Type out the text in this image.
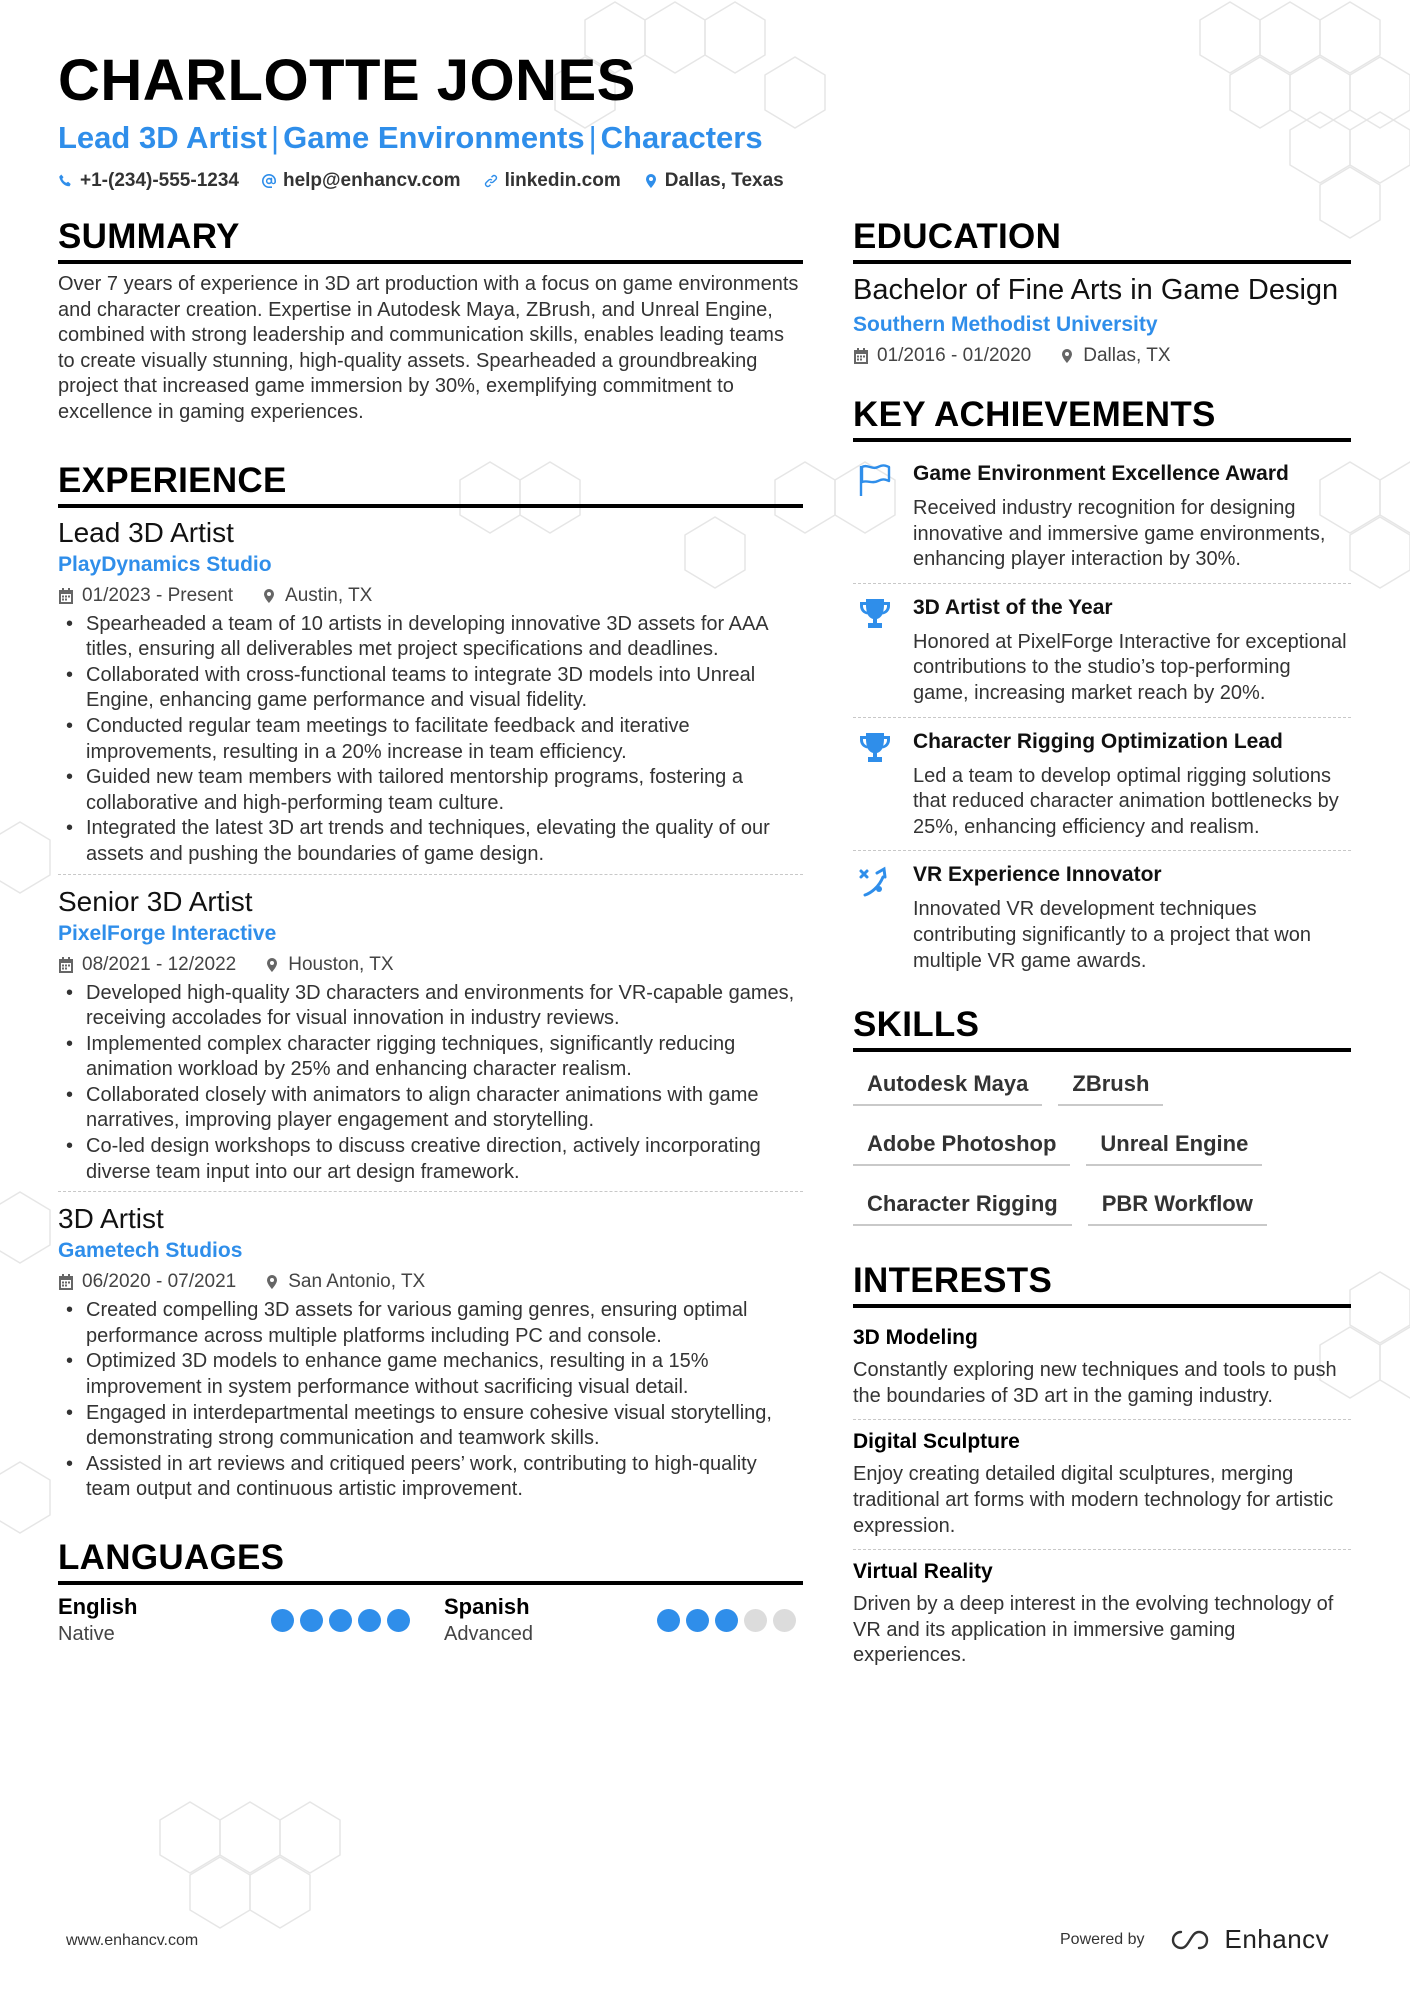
CHARLOTTE JONES
Lead 3D Artist | Game Environments | Characters
+1-(234)-555-1234 help@enhancv.com linkedin.com Dallas, Texas
SUMMARY
Over 7 years of experience in 3D art production with a focus on game environments and character creation. Expertise in Autodesk Maya, ZBrush, and Unreal Engine, combined with strong leadership and communication skills, enables leading teams to create visually stunning, high-quality assets. Spearheaded a groundbreaking project that increased game immersion by 30%, exemplifying commitment to excellence in gaming experiences.
EXPERIENCE
Lead 3D Artist
PlayDynamics Studio
01/2023 - Present	Austin, TX
• Spearheaded a team of 10 artists in developing innovative 3D assets for AAA titles, ensuring all deliverables met project specifications and deadlines.
• Collaborated with cross-functional teams to integrate 3D models into Unreal Engine, enhancing game performance and visual fidelity.
• Conducted regular team meetings to facilitate feedback and iterative improvements, resulting in a 20% increase in team efficiency.
• Guided new team members with tailored mentorship programs, fostering a collaborative and high-performing team culture.
• Integrated the latest 3D art trends and techniques, elevating the quality of our assets and pushing the boundaries of game design.
Senior 3D Artist
PixelForge Interactive
08/2021 - 12/2022	Houston, TX
• Developed high-quality 3D characters and environments for VR-capable games, receiving accolades for visual innovation in industry reviews.
• Implemented complex character rigging techniques, significantly reducing animation workload by 25% and enhancing character realism.
• Collaborated closely with animators to align character animations with game narratives, improving player engagement and storytelling.
• Co-led design workshops to discuss creative direction, actively incorporating diverse team input into our art design framework.
3D Artist
Gametech Studios
06/2020 - 07/2021	San Antonio, TX
• Created compelling 3D assets for various gaming genres, ensuring optimal performance across multiple platforms including PC and console.
• Optimized 3D models to enhance game mechanics, resulting in a 15% improvement in system performance without sacrificing visual detail.
• Engaged in interdepartmental meetings to ensure cohesive visual storytelling, demonstrating strong communication and teamwork skills.
• Assisted in art reviews and critiqued peers’ work, contributing to high-quality team output and continuous artistic improvement.
LANGUAGES
English
Native
Spanish
Advanced
EDUCATION
Bachelor of Fine Arts in Game Design
Southern Methodist University
01/2016 - 01/2020	Dallas, TX
KEY ACHIEVEMENTS
Game Environment Excellence Award
Received industry recognition for designing innovative and immersive game environments, enhancing player interaction by 30%.
3D Artist of the Year
Honored at PixelForge Interactive for exceptional contributions to the studio’s top-performing game, increasing market reach by 20%.
Character Rigging Optimization Lead
Led a team to develop optimal rigging solutions that reduced character animation bottlenecks by 25%, enhancing efficiency and realism.
VR Experience Innovator
Innovated VR development techniques contributing significantly to a project that won multiple VR game awards.
SKILLS
Autodesk Maya	ZBrush
Adobe Photoshop	Unreal Engine
Character Rigging	PBR Workflow
INTERESTS
3D Modeling
Constantly exploring new techniques and tools to push the boundaries of 3D art in the gaming industry.
Digital Sculpture
Enjoy creating detailed digital sculptures, merging traditional art forms with modern technology for artistic expression.
Virtual Reality
Driven by a deep interest in the evolving technology of VR and its application in immersive gaming experiences.
www.enhancv.com	Powered by	Enhancv
